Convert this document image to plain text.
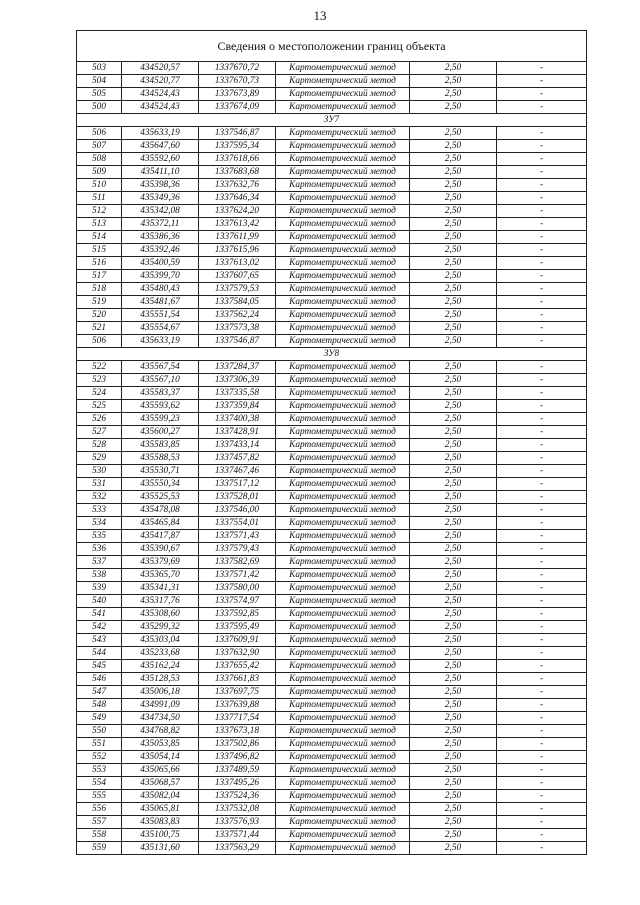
13
Сведения о местоположении границ объекта					
503	434520,57	1337670,72	Картометрический метод	2,50	-
504	434520,77	1337670,73	Картометрический метод	2,50	-
505	434524,43	1337673,89	Картометрический метод	2,50	-
500	434524,43	1337674,09	Картометрический метод	2,50	-
ЗУ7					
506	435633,19	1337546,87	Картометрический метод	2,50	-
507	435647,60	1337595,34	Картометрический метод	2,50	-
508	435592,60	1337618,66	Картометрический метод	2,50	-
509	435411,10	1337683,68	Картометрический метод	2,50	-
510	435398,36	1337632,76	Картометрический метод	2,50	-
511	435349,36	1337646,34	Картометрический метод	2,50	-
512	435342,08	1337624,20	Картометрический метод	2,50	-
513	435372,11	1337613,42	Картометрический метод	2,50	-
514	435386,36	1337611,99	Картометрический метод	2,50	-
515	435392,46	1337615,96	Картометрический метод	2,50	-
516	435400,59	1337613,02	Картометрический метод	2,50	-
517	435399,70	1337607,65	Картометрический метод	2,50	-
518	435480,43	1337579,53	Картометрический метод	2,50	-
519	435481,67	1337584,05	Картометрический метод	2,50	-
520	435551,54	1337562,24	Картометрический метод	2,50	-
521	435554,67	1337573,38	Картометрический метод	2,50	-
506	435633,19	1337546,87	Картометрический метод	2,50	-
ЗУ8					
522	435567,54	1337284,37	Картометрический метод	2,50	-
523	435567,10	1337306,39	Картометрический метод	2,50	-
524	435583,37	1337335,58	Картометрический метод	2,50	-
525	435593,62	1337359,84	Картометрический метод	2,50	-
526	435599,23	1337400,38	Картометрический метод	2,50	-
527	435600,27	1337428,91	Картометрический метод	2,50	-
528	435583,85	1337433,14	Картометрический метод	2,50	-
529	435588,53	1337457,82	Картометрический метод	2,50	-
530	435530,71	1337467,46	Картометрический метод	2,50	-
531	435550,34	1337517,12	Картометрический метод	2,50	-
532	435525,53	1337528,01	Картометрический метод	2,50	-
533	435478,08	1337546,00	Картометрический метод	2,50	-
534	435465,84	1337554,01	Картометрический метод	2,50	-
535	435417,87	1337571,43	Картометрический метод	2,50	-
536	435390,67	1337579,43	Картометрический метод	2,50	-
537	435379,69	1337582,69	Картометрический метод	2,50	-
538	435365,70	1337571,42	Картометрический метод	2,50	-
539	435341,31	1337580,00	Картометрический метод	2,50	-
540	435317,76	1337574,97	Картометрический метод	2,50	-
541	435308,60	1337592,85	Картометрический метод	2,50	-
542	435299,32	1337595,49	Картометрический метод	2,50	-
543	435303,04	1337609,91	Картометрический метод	2,50	-
544	435233,68	1337632,90	Картометрический метод	2,50	-
545	435162,24	1337655,42	Картометрический метод	2,50	-
546	435128,53	1337661,83	Картометрический метод	2,50	-
547	435006,18	1337697,75	Картометрический метод	2,50	-
548	434991,09	1337639,88	Картометрический метод	2,50	-
549	434734,50	1337717,54	Картометрический метод	2,50	-
550	434768,82	1337673,18	Картометрический метод	2,50	-
551	435053,85	1337502,86	Картометрический метод	2,50	-
552	435054,14	1337496,82	Картометрический метод	2,50	-
553	435065,66	1337489,59	Картометрический метод	2,50	-
554	435068,57	1337495,26	Картометрический метод	2,50	-
555	435082,04	1337524,36	Картометрический метод	2,50	-
556	435065,81	1337532,08	Картометрический метод	2,50	-
557	435083,83	1337576,93	Картометрический метод	2,50	-
558	435100,75	1337571,44	Картометрический метод	2,50	-
559	435131,60	1337563,29	Картометрический метод	2,50	-
